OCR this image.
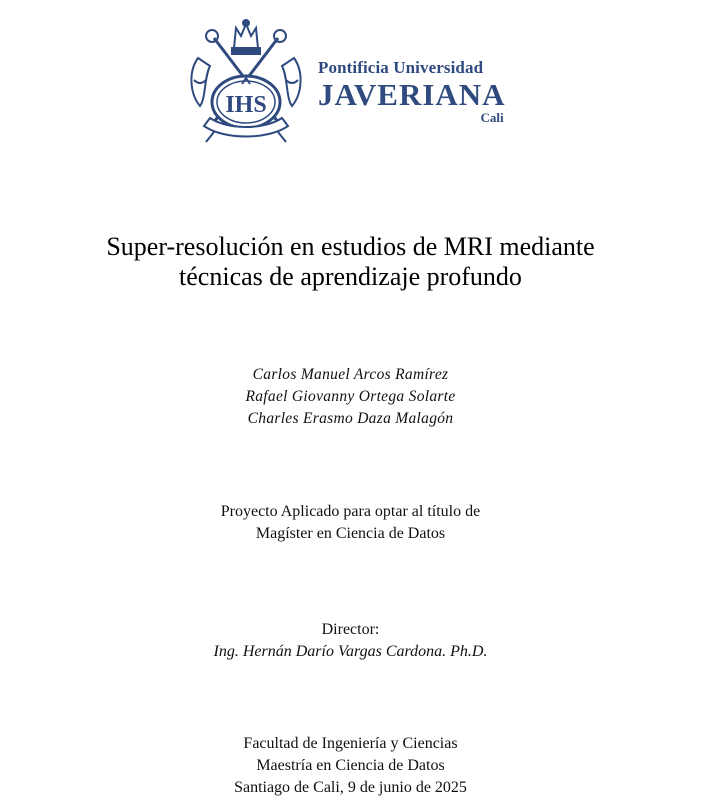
IHS
Pontificia Universidad
JAVERIANA
Cali
Super-resolución en estudios de MRI mediante
técnicas de aprendizaje profundo
Carlos Manuel Arcos Ramírez
Rafael Giovanny Ortega Solarte
Charles Erasmo Daza Malagón
Proyecto Aplicado para optar al título de
Magíster en Ciencia de Datos
Director:
Ing. Hernán Darío Vargas Cardona. Ph.D.
Facultad de Ingeniería y Ciencias
Maestría en Ciencia de Datos
Santiago de Cali, 9 de junio de 2025
